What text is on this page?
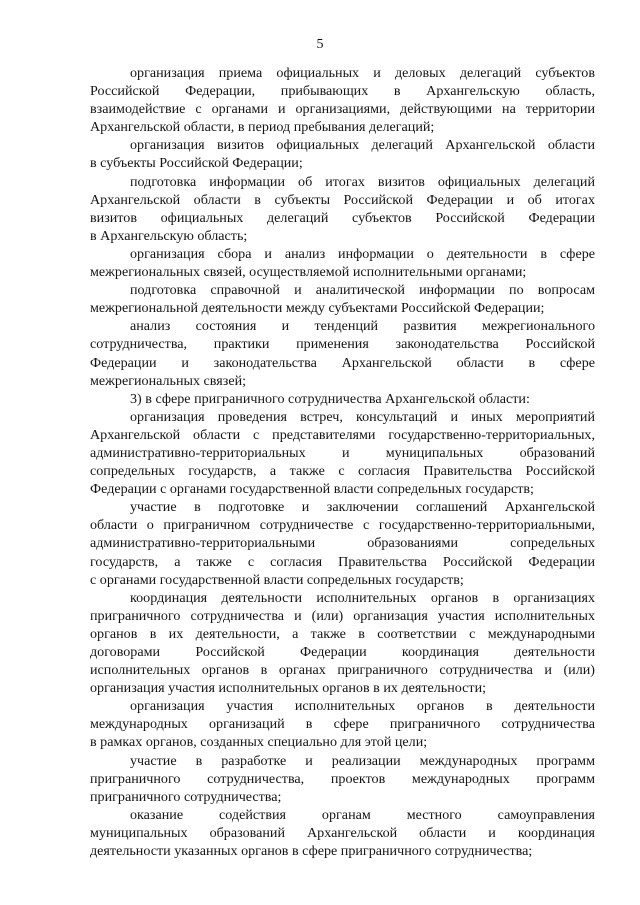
5
организация приема официальных и деловых делегаций субъектов
Российской Федерации, прибывающих в Архангельскую область,
взаимодействие с органами и организациями, действующими на территории
Архангельской области, в период пребывания делегаций;
организация визитов официальных делегаций Архангельской области
в субъекты Российской Федерации;
подготовка информации об итогах визитов официальных делегаций
Архангельской области в субъекты Российской Федерации и об итогах
визитов официальных делегаций субъектов Российской Федерации
в Архангельскую область;
организация сбора и анализ информации о деятельности в сфере
межрегиональных связей, осуществляемой исполнительными органами;
подготовка справочной и аналитической информации по вопросам
межрегиональной деятельности между субъектами Российской Федерации;
анализ состояния и тенденций развития межрегионального
сотрудничества, практики применения законодательства Российской
Федерации и законодательства Архангельской области в сфере
межрегиональных связей;
3) в сфере приграничного сотрудничества Архангельской области:
организация проведения встреч, консультаций и иных мероприятий
Архангельской области с представителями государственно-территориальных,
административно-территориальных и муниципальных образований
сопредельных государств, а также с согласия Правительства Российской
Федерации с органами государственной власти сопредельных государств;
участие в подготовке и заключении соглашений Архангельской
области о приграничном сотрудничестве с государственно-территориальными,
административно-территориальными образованиями сопредельных
государств, а также с согласия Правительства Российской Федерации
с органами государственной власти сопредельных государств;
координация деятельности исполнительных органов в организациях
приграничного сотрудничества и (или) организация участия исполнительных
органов в их деятельности, а также в соответствии с международными
договорами Российской Федерации координация деятельности
исполнительных органов в органах приграничного сотрудничества и (или)
организация участия исполнительных органов в их деятельности;
организация участия исполнительных органов в деятельности
международных организаций в сфере приграничного сотрудничества
в рамках органов, созданных специально для этой цели;
участие в разработке и реализации международных программ
приграничного сотрудничества, проектов международных программ
приграничного сотрудничества;
оказание содействия органам местного самоуправления
муниципальных образований Архангельской области и координация
деятельности указанных органов в сфере приграничного сотрудничества;
